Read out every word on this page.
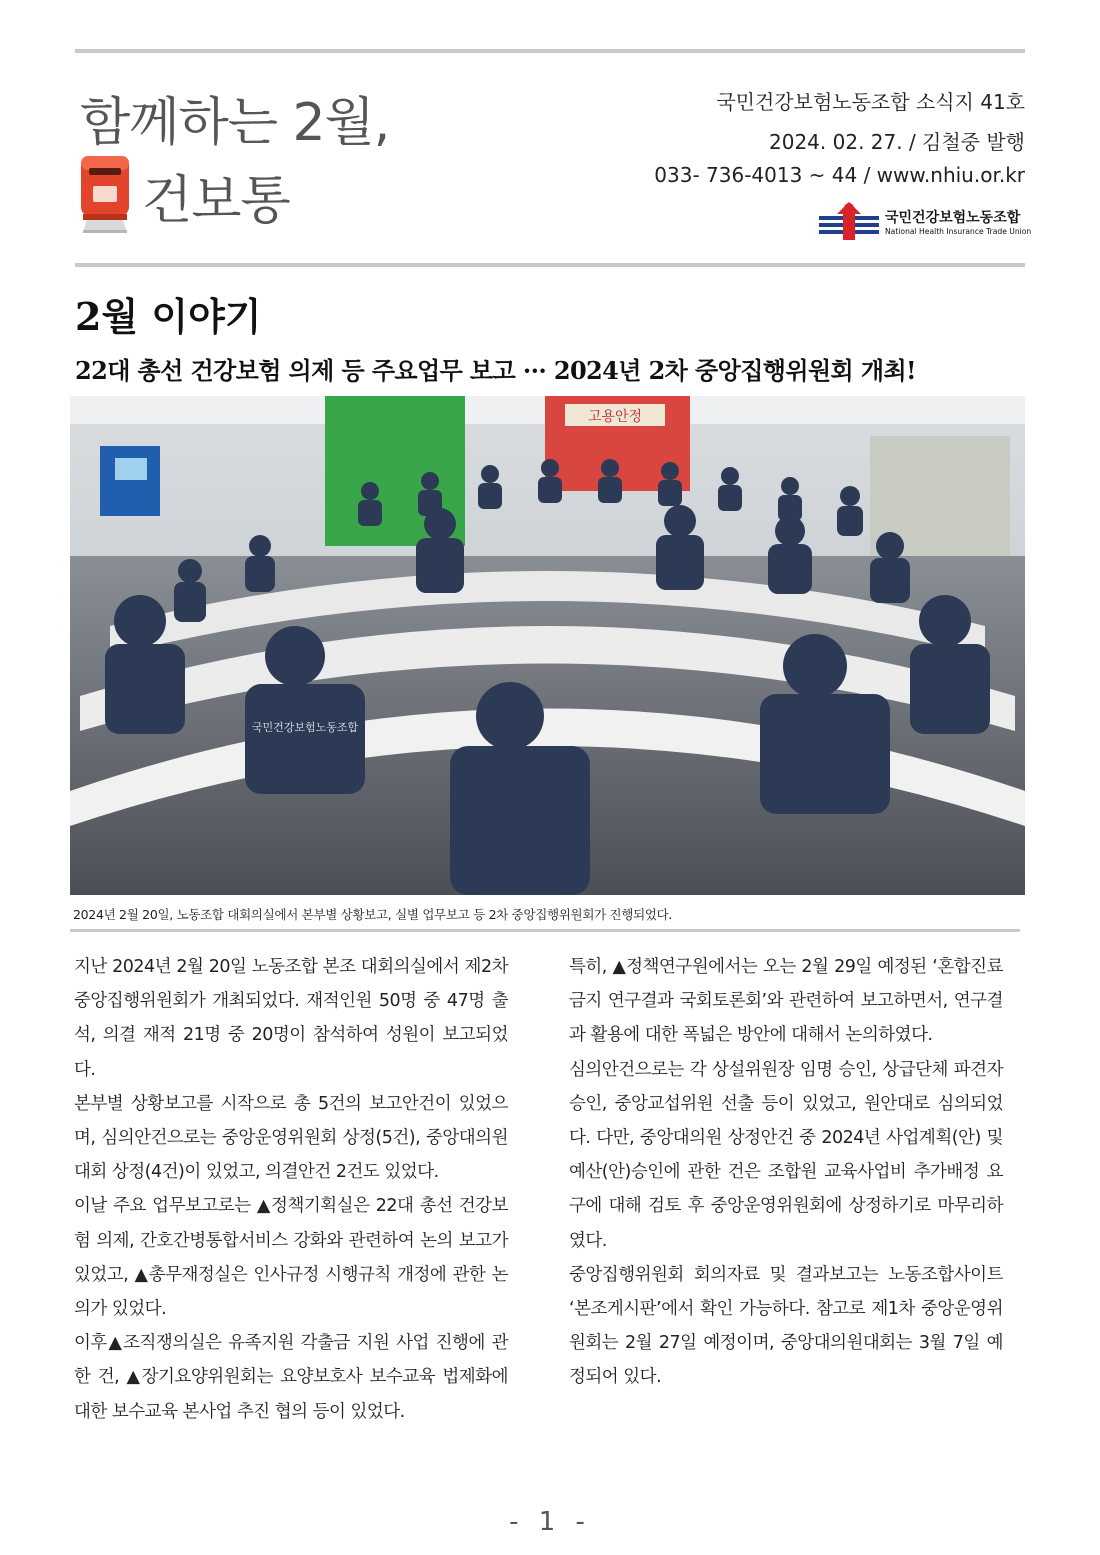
함께하는 2월,
건보통
국민건강보험노동조합 소식지 41호
2024. 02. 27. / 김철중 발행
033- 736-4013 ~ 44 / www.nhiu.or.kr
국민건강보험노동조합
National Health Insurance Trade Union
2월 이야기
22대 총선 건강보험 의제 등 주요업무 보고 ··· 2024년 2차 중앙집행위원회 개최!
고용안정
국민건강보험노동조합
2024년 2월 20일, 노동조합 대회의실에서 본부별 상황보고, 실별 업무보고 등 2차 중앙집행위원회가 진행되었다.

지난 2024년 2월 20일 노동조합 본조 대회의실에서 제2차 중앙집행위원회가 개최되었다. 재적인원 50명 중 47명 출석, 의결 재적 21명 중 20명이 참석하여 성원이 보고되었다.

본부별 상황보고를 시작으로 총 5건의 보고안건이 있었으며, 심의안건으로는 중앙운영위원회 상정(5건), 중앙대의원대회 상정(4건)이 있었고, 의결안건 2건도 있었다.

이날 주요 업무보고로는 ▲정책기획실은 22대 총선 건강보험 의제, 간호간병통합서비스 강화와 관련하여 논의 보고가 있었고, ▲총무재정실은 인사규정 시행규칙 개정에 관한 논의가 있었다.

이후▲조직쟁의실은 유족지원 각출금 지원 사업 진행에 관한 건, ▲장기요양위원회는 요양보호사 보수교육 법제화에 대한 보수교육 본사업 추진 협의 등이 있었다.

특히, ▲정책연구원에서는 오는 2월 29일 예정된 ‘혼합진료금지 연구결과 국회토론회’와 관련하여 보고하면서, 연구결과 활용에 대한 폭넓은 방안에 대해서 논의하였다.

심의안건으로는 각 상설위원장 임명 승인, 상급단체 파견자 승인, 중앙교섭위원 선출 등이 있었고, 원안대로 심의되었다. 다만, 중앙대의원 상정안건 중 2024년 사업계획(안) 및 예산(안)승인에 관한 건은 조합원 교육사업비 추가배정 요구에 대해 검토 후 중앙운영위원회에 상정하기로 마무리하였다.

중앙집행위원회 회의자료 및 결과보고는 노동조합사이트 ‘본조게시판’에서 확인 가능하다. 참고로 제1차 중앙운영위원회는 2월 27일 예정이며, 중앙대의원대회는 3월 7일 예정되어 있다.

- 1 -
